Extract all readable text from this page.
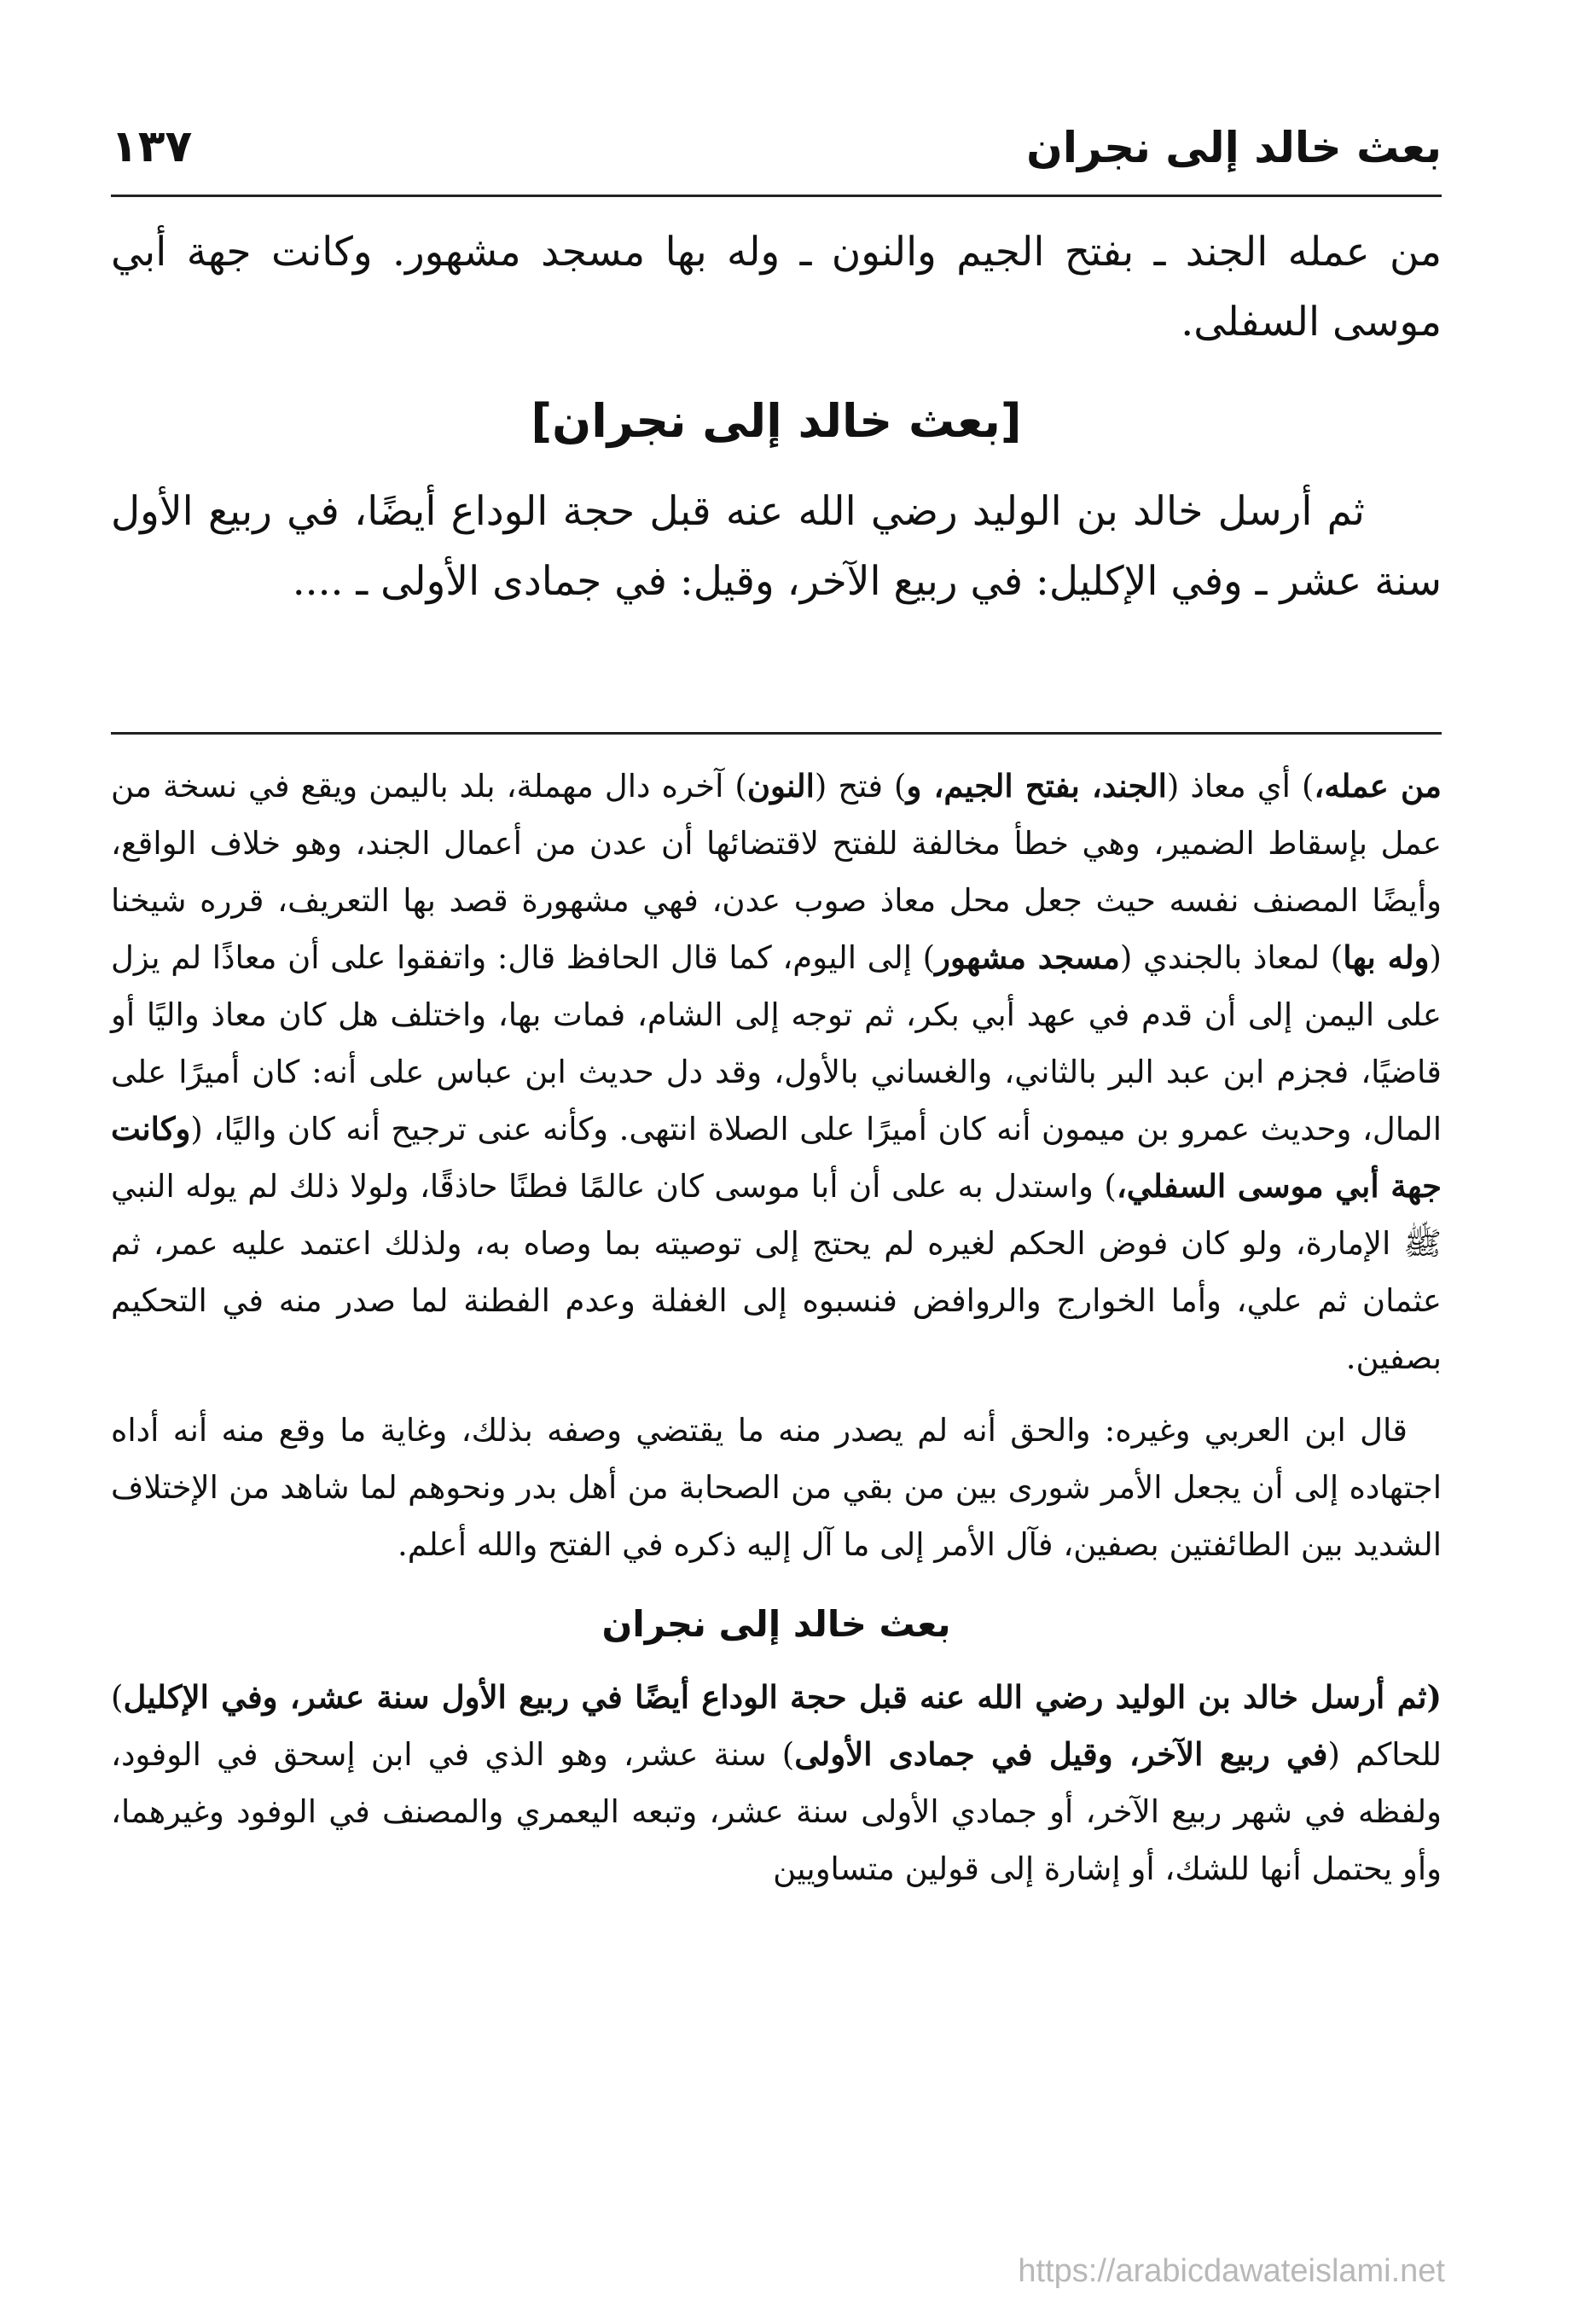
بعث خالد إلى نجران
١٣٧

من عمله الجند ـ بفتح الجيم والنون ـ وله بها مسجد مشهور. وكانت جهة أبي موسى السفلى.

[بعث خالد إلى نجران]

ثم أرسل خالد بن الوليد رضي الله عنه قبل حجة الوداع أيضًا، في ربيع الأول سنة عشر ـ وفي الإكليل: في ربيع الآخر، وقيل: في جمادى الأولى ـ ....

من عمله،) أي معاذ (الجند، بفتح الجيم، و) فتح (النون) آخره دال مهملة، بلد باليمن ويقع في نسخة من عمل بإسقاط الضمير، وهي خطأ مخالفة للفتح لاقتضائها أن عدن من أعمال الجند، وهو خلاف الواقع، وأيضًا المصنف نفسه حيث جعل محل معاذ صوب عدن، فهي مشهورة قصد بها التعريف، قرره شيخنا (وله بها) لمعاذ بالجندي (مسجد مشهور) إلى اليوم، كما قال الحافظ قال: واتفقوا على أن معاذًا لم يزل على اليمن إلى أن قدم في عهد أبي بكر، ثم توجه إلى الشام، فمات بها، واختلف هل كان معاذ واليًا أو قاضيًا، فجزم ابن عبد البر بالثاني، والغساني بالأول، وقد دل حديث ابن عباس على أنه: كان أميرًا على المال، وحديث عمرو بن ميمون أنه كان أميرًا على الصلاة انتهى. وكأنه عنى ترجيح أنه كان واليًا، (وكانت جهة أبي موسى السفلي،) واستدل به على أن أبا موسى كان عالمًا فطنًا حاذقًا، ولولا ذلك لم يوله النبي ﷺ الإمارة، ولو كان فوض الحكم لغيره لم يحتج إلى توصيته بما وصاه به، ولذلك اعتمد عليه عمر، ثم عثمان ثم علي، وأما الخوارج والروافض فنسبوه إلى الغفلة وعدم الفطنة لما صدر منه في التحكيم بصفين.

قال ابن العربي وغيره: والحق أنه لم يصدر منه ما يقتضي وصفه بذلك، وغاية ما وقع منه أنه أداه اجتهاده إلى أن يجعل الأمر شورى بين من بقي من الصحابة من أهل بدر ونحوهم لما شاهد من الإختلاف الشديد بين الطائفتين بصفين، فآل الأمر إلى ما آل إليه ذكره في الفتح والله أعلم.

بعث خالد إلى نجران

(ثم أرسل خالد بن الوليد رضي الله عنه قبل حجة الوداع أيضًا في ربيع الأول سنة عشر، وفي الإكليل) للحاكم (في ربيع الآخر، وقيل في جمادى الأولى) سنة عشر، وهو الذي في ابن إسحق في الوفود، ولفظه في شهر ربيع الآخر، أو جمادي الأولى سنة عشر، وتبعه اليعمري والمصنف في الوفود وغيرهما، وأو يحتمل أنها للشك، أو إشارة إلى قولين متساويين

https://arabicdawateislami.net
